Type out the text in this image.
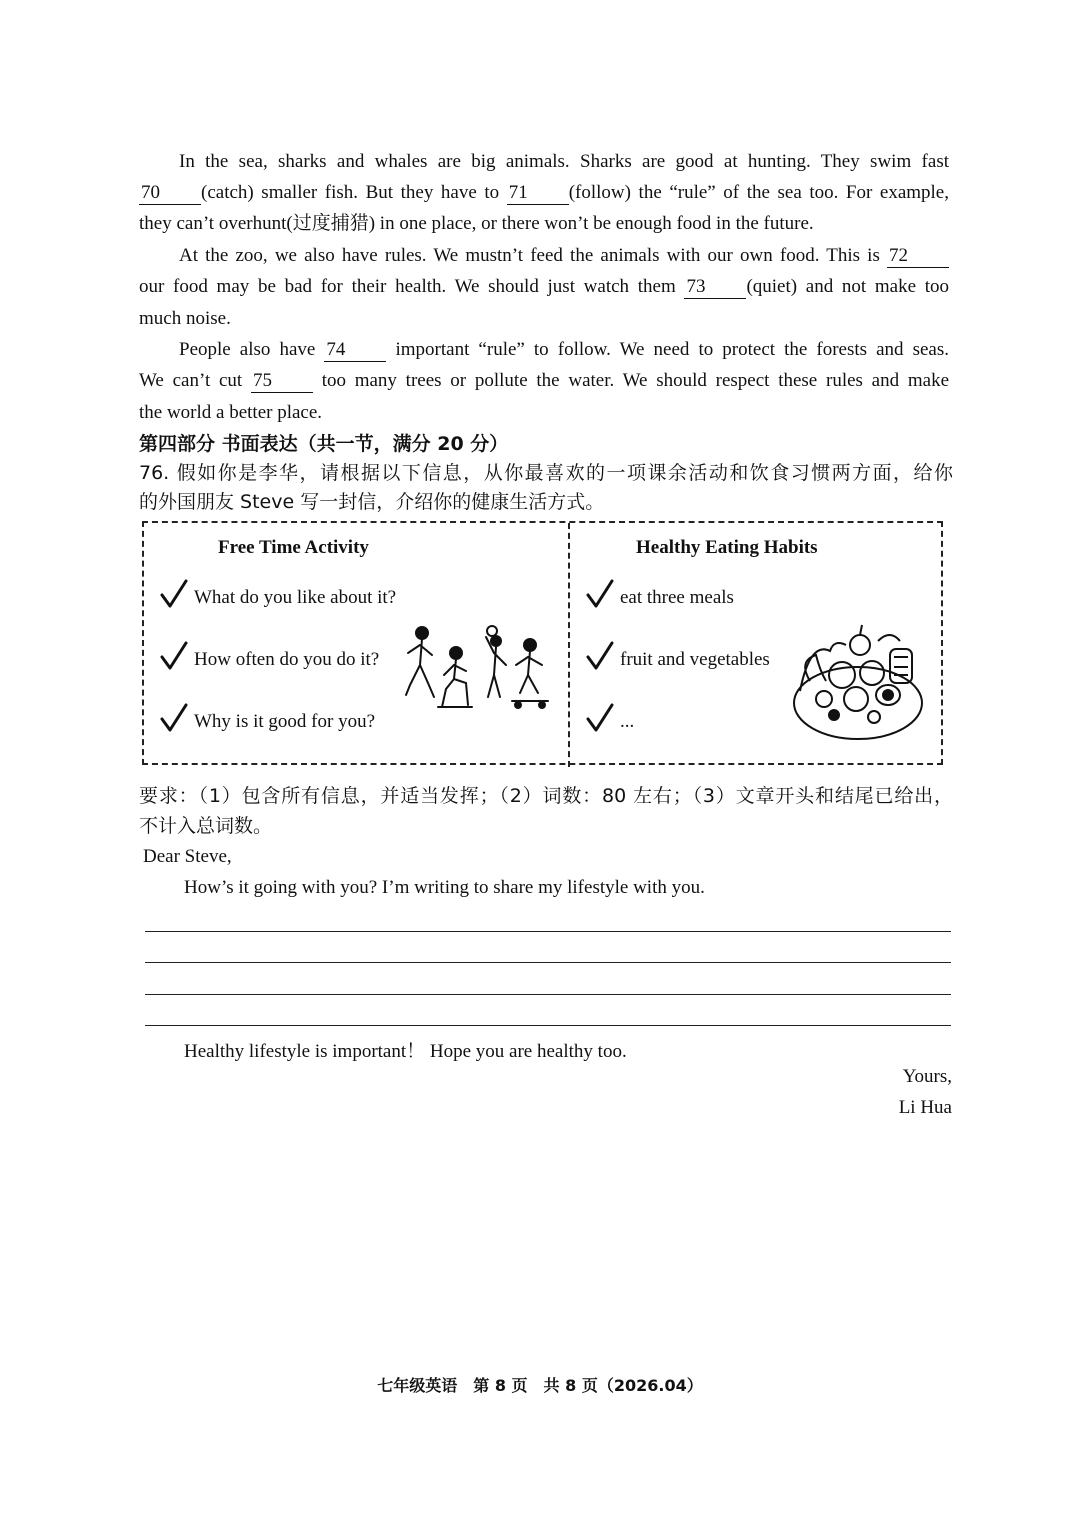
In the sea, sharks and whales are big animals. Sharks are good at hunting. They swim fast

70 (catch) smaller fish. But they have to 71 (follow) the “rule” of the sea too. For example,

they can’t overhunt(过度捕猎) in one place, or there won’t be enough food in the future.

At the zoo, we also have rules. We mustn’t feed the animals with our own food. This is 72

our food may be bad for their health. We should just watch them 73 (quiet) and not make too

much noise.

People also have 74	important “rule” to follow. We need to protect the forests and seas.

We can’t cut 75	too many trees or pollute the water. We should respect these rules and make

the world a better place.

第四部分 书面表达（共一节，满分 20 分）

76. 假如你是李华，请根据以下信息，从你最喜欢的一项课余活动和饮食习惯两方面，给你

的外国朋友 Steve 写一封信，介绍你的健康生活方式。

Free Time Activity
What do you like about it?
How often do you do it?
Why is it good for you?
Healthy Eating Habits
eat three meals
fruit and vegetables
...

要求：（1）包含所有信息，并适当发挥；（2）词数：80 左右；（3）文章开头和结尾已给出，

不计入总词数。

Dear Steve,
How’s it going with you? I’m writing to share my lifestyle with you.
Healthy lifestyle is important！ Hope you are healthy too.
Yours,
Li Hua
七年级英语　第 8 页　共 8 页（2026.04）
